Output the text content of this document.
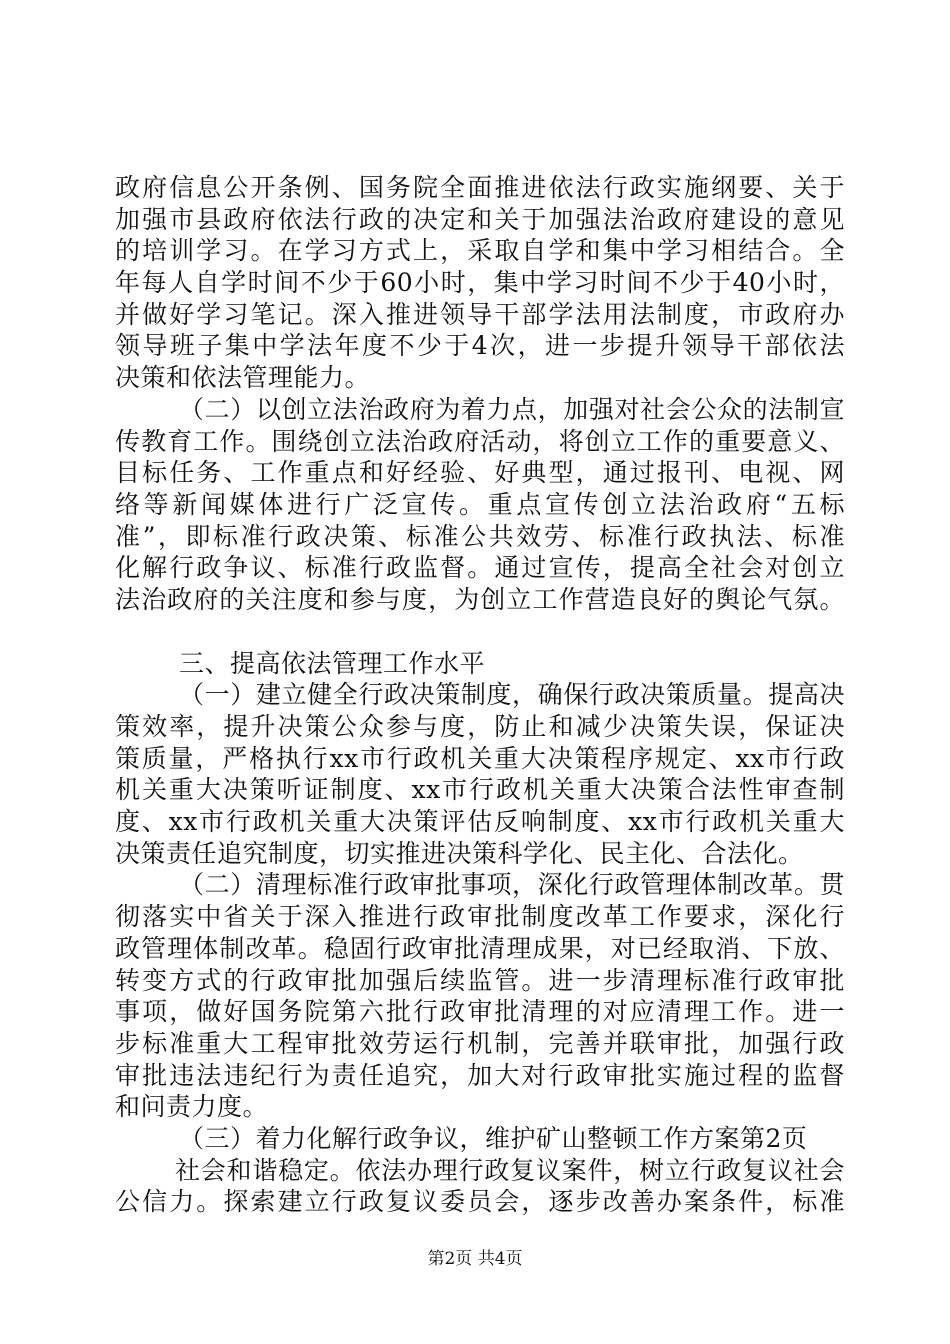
政府信息公开条例、国务院全面推进依法行政实施纲要、关于
加强市县政府依法行政的决定和关于加强法治政府建设的意见
的培训学习。在学习方式上，采取自学和集中学习相结合。全
年每人自学时间不少于60小时，集中学习时间不少于40小时，
并做好学习笔记。深入推进领导干部学法用法制度，市政府办
领导班子集中学法年度不少于4次，进一步提升领导干部依法
决策和依法管理能力。
（二）以创立法治政府为着力点，加强对社会公众的法制宣
传教育工作。围绕创立法治政府活动，将创立工作的重要意义、
目标任务、工作重点和好经验、好典型，通过报刊、电视、网
络等新闻媒体进行广泛宣传。重点宣传创立法治政府“五标
准”，即标准行政决策、标准公共效劳、标准行政执法、标准
化解行政争议、标准行政监督。通过宣传，提高全社会对创立
法治政府的关注度和参与度，为创立工作营造良好的舆论气氛。
三、提高依法管理工作水平
（一）建立健全行政决策制度，确保行政决策质量。提高决
策效率，提升决策公众参与度，防止和减少决策失误，保证决
策质量，严格执行xx市行政机关重大决策程序规定、xx市行政
机关重大决策听证制度、xx市行政机关重大决策合法性审查制
度、xx市行政机关重大决策评估反响制度、xx市行政机关重大
决策责任追究制度，切实推进决策科学化、民主化、合法化。
（二）清理标准行政审批事项，深化行政管理体制改革。贯
彻落实中省关于深入推进行政审批制度改革工作要求，深化行
政管理体制改革。稳固行政审批清理成果，对已经取消、下放、
转变方式的行政审批加强后续监管。进一步清理标准行政审批
事项，做好国务院第六批行政审批清理的对应清理工作。进一
步标准重大工程审批效劳运行机制，完善并联审批，加强行政
审批违法违纪行为责任追究，加大对行政审批实施过程的监督
和问责力度。
（三）着力化解行政争议，维护矿山整顿工作方案第2页
社会和谐稳定。依法办理行政复议案件，树立行政复议社会
公信力。探索建立行政复议委员会，逐步改善办案条件，标准
第2页 共4页
